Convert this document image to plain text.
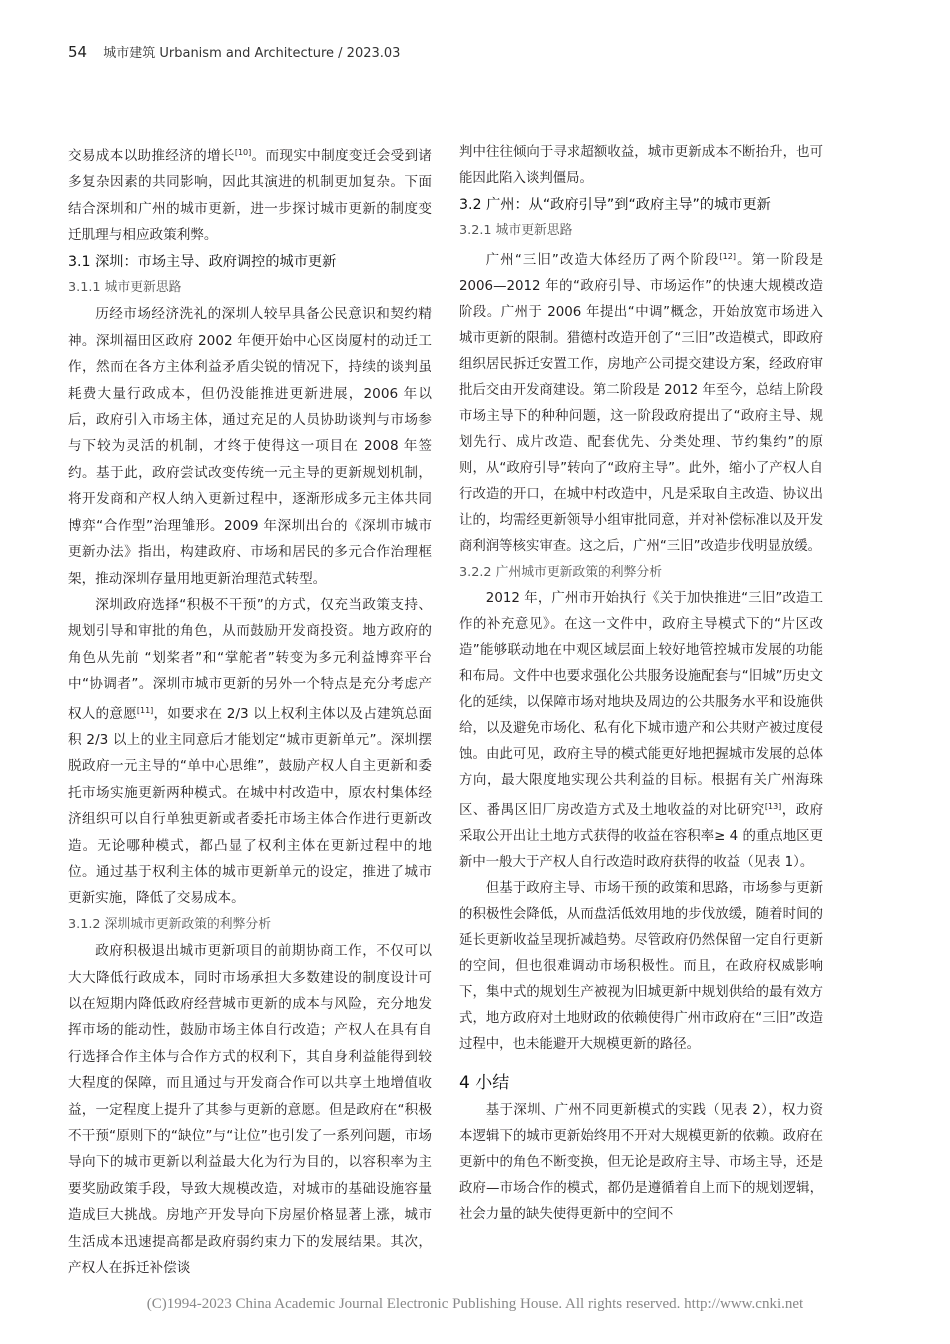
54 城市建筑 Urbanism and Architecture / 2023.03

交易成本以助推经济的增长[10]。而现实中制度变迁会受到诸多复杂因素的共同影响，因此其演进的机制更加复杂。下面结合深圳和广州的城市更新，进一步探讨城市更新的制度变迁肌理与相应政策利弊。

3.1 深圳：市场主导、政府调控的城市更新

3.1.1 城市更新思路

历经市场经济洗礼的深圳人较早具备公民意识和契约精神。深圳福田区政府 2002 年便开始中心区岗厦村的动迁工作，然而在各方主体利益矛盾尖锐的情况下，持续的谈判虽耗费大量行政成本，但仍没能推进更新进展，2006 年以后，政府引入市场主体，通过充足的人员协助谈判与市场参与下较为灵活的机制，才终于使得这一项目在 2008 年签约。基于此，政府尝试改变传统一元主导的更新规划机制，将开发商和产权人纳入更新过程中，逐渐形成多元主体共同博弈“合作型”治理雏形。2009 年深圳出台的《深圳市城市更新办法》指出，构建政府、市场和居民的多元合作治理框架，推动深圳存量用地更新治理范式转型。

深圳政府选择“积极不干预”的方式，仅充当政策支持、规划引导和审批的角色，从而鼓励开发商投资。地方政府的角色从先前 “划桨者”和“掌舵者”转变为多元利益博弈平台中“协调者”。深圳市城市更新的另外一个特点是充分考虑产权人的意愿[11]，如要求在 2/3 以上权利主体以及占建筑总面积 2/3 以上的业主同意后才能划定“城市更新单元”。深圳摆脱政府一元主导的“单中心思维”，鼓励产权人自主更新和委托市场实施更新两种模式。在城中村改造中，原农村集体经济组织可以自行单独更新或者委托市场主体合作进行更新改造。无论哪种模式，都凸显了权利主体在更新过程中的地位。通过基于权利主体的城市更新单元的设定，推进了城市更新实施，降低了交易成本。

3.1.2 深圳城市更新政策的利弊分析

政府积极退出城市更新项目的前期协商工作，不仅可以大大降低行政成本，同时市场承担大多数建设的制度设计可以在短期内降低政府经营城市更新的成本与风险，充分地发挥市场的能动性，鼓励市场主体自行改造；产权人在具有自行选择合作主体与合作方式的权利下，其自身利益能得到较大程度的保障，而且通过与开发商合作可以共享土地增值收益，一定程度上提升了其参与更新的意愿。但是政府在“积极不干预“原则下的“缺位”与“让位”也引发了一系列问题，市场导向下的城市更新以利益最大化为行为目的，以容积率为主要奖励政策手段，导致大规模改造，对城市的基础设施容量造成巨大挑战。房地产开发导向下房屋价格显著上涨，城市生活成本迅速提高都是政府弱约束力下的发展结果。其次，产权人在拆迁补偿谈

判中往往倾向于寻求超额收益，城市更新成本不断抬升，也可能因此陷入谈判僵局。

3.2 广州：从“政府引导”到“政府主导”的城市更新

3.2.1 城市更新思路

广州“三旧”改造大体经历了两个阶段[12]。第一阶段是 2006—2012 年的“政府引导、市场运作”的快速大规模改造阶段。广州于 2006 年提出“中调”概念，开始放宽市场进入城市更新的限制。猎德村改造开创了“三旧”改造模式，即政府组织居民拆迁安置工作，房地产公司提交建设方案，经政府审批后交由开发商建设。第二阶段是 2012 年至今，总结上阶段市场主导下的种种问题，这一阶段政府提出了“政府主导、规划先行、成片改造、配套优先、分类处理、节约集约”的原则，从“政府引导”转向了“政府主导”。此外，缩小了产权人自行改造的开口，在城中村改造中，凡是采取自主改造、协议出让的，均需经更新领导小组审批同意，并对补偿标准以及开发商利润等核实审查。这之后，广州“三旧”改造步伐明显放缓。

3.2.2 广州城市更新政策的利弊分析

2012 年，广州市开始执行《关于加快推进“三旧”改造工作的补充意见》。在这一文件中，政府主导模式下的“片区改造”能够联动地在中观区域层面上较好地管控城市发展的功能和布局。文件中也要求强化公共服务设施配套与“旧城”历史文化的延续，以保障市场对地块及周边的公共服务水平和设施供给，以及避免市场化、私有化下城市遗产和公共财产被过度侵蚀。由此可见，政府主导的模式能更好地把握城市发展的总体方向，最大限度地实现公共利益的目标。根据有关广州海珠区、番禺区旧厂房改造方式及土地收益的对比研究[13]，政府采取公开出让土地方式获得的收益在容积率≥ 4 的重点地区更新中一般大于产权人自行改造时政府获得的收益（见表 1）。

但基于政府主导、市场干预的政策和思路，市场参与更新的积极性会降低，从而盘活低效用地的步伐放缓，随着时间的延长更新收益呈现折减趋势。尽管政府仍然保留一定自行更新的空间，但也很难调动市场积极性。而且，在政府权威影响下，集中式的规划生产被视为旧城更新中规划供给的最有效方式，地方政府对土地财政的依赖使得广州市政府在“三旧”改造过程中，也未能避开大规模更新的路径。

4 小结

基于深圳、广州不同更新模式的实践（见表 2），权力资本逻辑下的城市更新始终用不开对大规模更新的依赖。政府在更新中的角色不断变换，但无论是政府主导、市场主导，还是政府—市场合作的模式，都仍是遵循着自上而下的规划逻辑，社会力量的缺失使得更新中的空间不

(C)1994-2023 China Academic Journal Electronic Publishing House. All rights reserved. http://www.cnki.net
